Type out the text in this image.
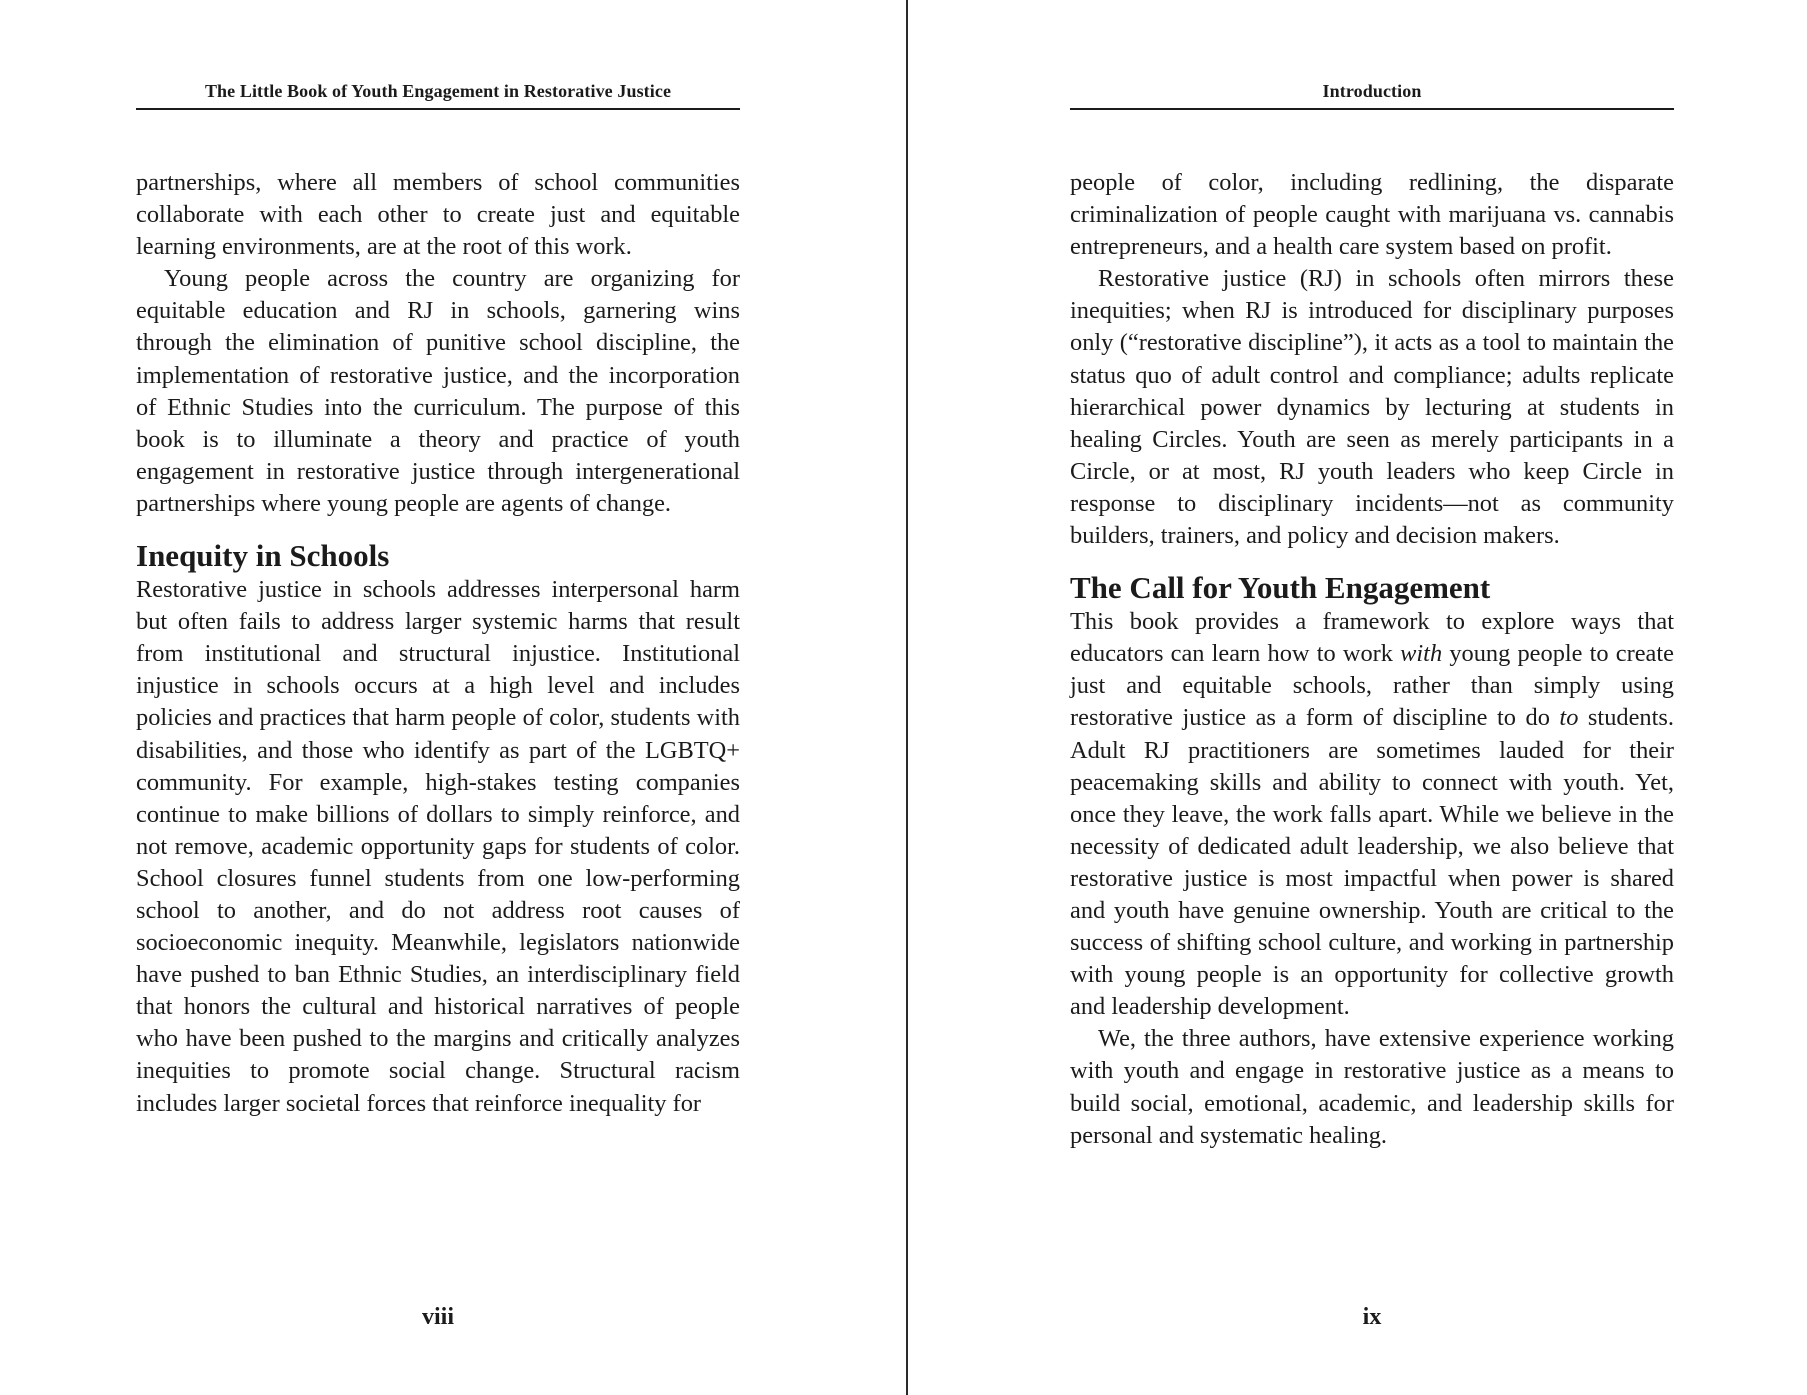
The Little Book of Youth Engagement in Restorative Justice

partnerships, where all members of school communities collaborate with each other to create just and equitable learning environments, are at the root of this work.

Young people across the country are organizing for equitable education and RJ in schools, garnering wins through the elimination of punitive school discipline, the implementation of restorative justice, and the incorporation of Ethnic Studies into the curriculum. The purpose of this book is to illuminate a theory and practice of youth engagement in restorative justice through intergenerational partnerships where young people are agents of change.

Inequity in Schools

Restorative justice in schools addresses interpersonal harm but often fails to address larger systemic harms that result from institutional and structural injustice. Institutional injustice in schools occurs at a high level and includes policies and practices that harm people of color, students with disabilities, and those who identify as part of the LGBTQ+ community. For example, high-stakes testing companies continue to make billions of dollars to simply reinforce, and not remove, academic opportunity gaps for students of color. School closures funnel students from one low-performing school to another, and do not address root causes of socioeconomic inequity. Meanwhile, legislators nationwide have pushed to ban Ethnic Studies, an interdisciplinary field that honors the cultural and historical narratives of people who have been pushed to the margins and critically analyzes inequities to promote social change. Structural racism includes larger societal forces that reinforce inequality for

viii
Introduction

people of color, including redlining, the disparate criminalization of people caught with marijuana vs. cannabis entrepreneurs, and a health care system based on profit.

Restorative justice (RJ) in schools often mirrors these inequities; when RJ is introduced for disciplinary purposes only (“restorative discipline”), it acts as a tool to maintain the status quo of adult control and compliance; adults replicate hierarchical power dynamics by lecturing at students in healing Circles. Youth are seen as merely participants in a Circle, or at most, RJ youth leaders who keep Circle in response to disciplinary incidents—not as community builders, trainers, and policy and decision makers.

The Call for Youth Engagement

This book provides a framework to explore ways that educators can learn how to work with young people to create just and equitable schools, rather than simply using restorative justice as a form of discipline to do to students. Adult RJ practitioners are sometimes lauded for their peacemaking skills and ability to connect with youth. Yet, once they leave, the work falls apart. While we believe in the necessity of dedicated adult leadership, we also believe that restorative justice is most impactful when power is shared and youth have genuine ownership. Youth are critical to the success of shifting school culture, and working in partnership with young people is an opportunity for collective growth and leadership development.

We, the three authors, have extensive experience working with youth and engage in restorative justice as a means to build social, emotional, academic, and leadership skills for personal and systematic healing.

ix
